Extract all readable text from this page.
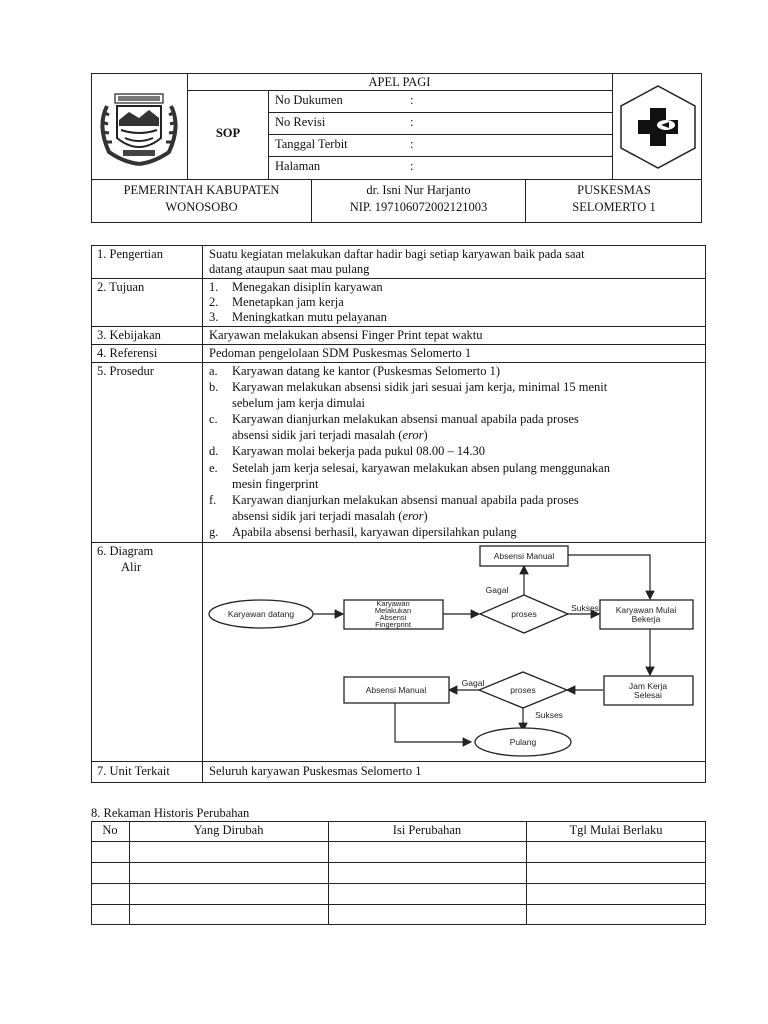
APEL PAGI
SOP
No Dukumen	:
No Revisi	:
Tanggal Terbit	:
Halaman	:
PEMERINTAH KABUPATEN
WONOSOBO
dr. Isni Nur Harjanto
NIP. 197106072002121003
PUSKESMAS
SELOMERTO 1
1. Pengertian	Suatu kegiatan melakukan daftar hadir bagi setiap karyawan baik pada saat
datang ataupun saat mau pulang
2. Tujuan	1. Menegakan disiplin karyawan
2. Menetapkan jam kerja
3. Meningkatkan mutu pelayanan
3. Kebijakan	Karyawan melakukan absensi Finger Print tepat waktu
4. Referensi	Pedoman pengelolaan SDM Puskesmas Selomerto 1
5. Prosedur	a. Karyawan datang ke kantor (Puskesmas Selomerto 1)
b. Karyawan melakukan absensi sidik jari sesuai jam kerja, minimal 15 menit
sebelum jam kerja dimulai
c. Karyawan dianjurkan melakukan absensi manual apabila pada proses
absensi sidik jari terjadi masalah (eror)
d. Karyawan molai bekerja pada pukul 08.00 – 14.30
e. Setelah jam kerja selesai, karyawan melakukan absen pulang menggunakan
mesin fingerprint
f. Karyawan dianjurkan melakukan absensi manual apabila pada proses
absensi sidik jari terjadi masalah (eror)
g. Apabila absensi berhasil, karyawan dipersilahkan pulang
6. Diagram
Alir
Absensi Manual
Gagal
Karyawan datang
Karyawan
Melakukan
Absensi
Fingerprint
proses
Sukses Karyawan Mulai
Bekerja
Absensi Manual
Gagal
proses	Jam Kerja
Selesai
Sukses
Pulang
7. Unit Terkait	Seluruh karyawan Puskesmas Selomerto 1
8. Rekaman Historis Perubahan
No	Yang Dirubah	Isi Perubahan	Tgl Mulai Berlaku
